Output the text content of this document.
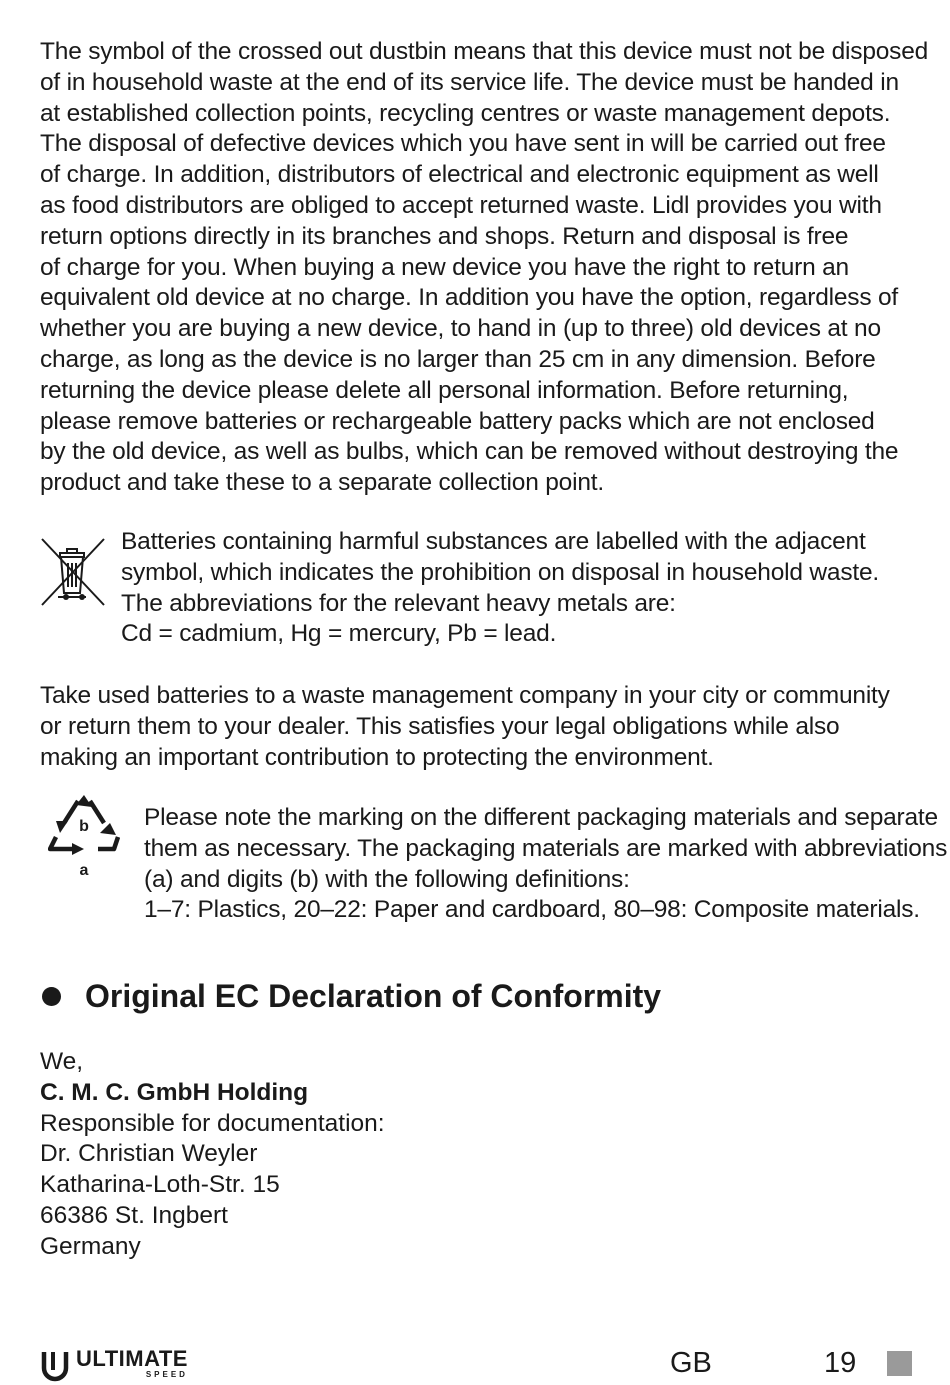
The symbol of the crossed out dustbin means that this device must not be disposed
of in household waste at the end of its service life. The device must be handed in
at established collection points, recycling centres or waste management depots.
The disposal of defective devices which you have sent in will be carried out free
of charge. In addition, distributors of electrical and electronic equipment as well
as food distributors are obliged to accept returned waste. Lidl provides you with
return options directly in its branches and shops. Return and disposal is free
of charge for you. When buying a new device you have the right to return an
equivalent old device at no charge. In addition you have the option, regardless of
whether you are buying a new device, to hand in (up to three) old devices at no
charge, as long as the device is no larger than 25 cm in any dimension. Before
returning the device please delete all personal information. Before returning,
please remove batteries or rechargeable battery packs which are not enclosed
by the old device, as well as bulbs, which can be removed without destroying the
product and take these to a separate collection point.
Batteries containing harmful substances are labelled with the adjacent
symbol, which indicates the prohibition on disposal in household waste.
The abbreviations for the relevant heavy metals are:
Cd = cadmium, Hg = mercury, Pb = lead.
Take used batteries to a waste management company in your city or community
or return them to your dealer. This satisfies your legal obligations while also
making an important contribution to protecting the environment.
b
a
Please note the marking on the different packaging materials and separate
them as necessary. The packaging materials are marked with abbreviations
(a) and digits (b) with the following definitions:
1–7: Plastics, 20–22: Paper and cardboard, 80–98: Composite materials.
Original EC Declaration of Conformity
We,
C. M. C. GmbH Holding
Responsible for documentation:
Dr. Christian Weyler
Katharina-Loth-Str. 15
66386 St. Ingbert
Germany
ULTIMATE
SPEED	GB	19
